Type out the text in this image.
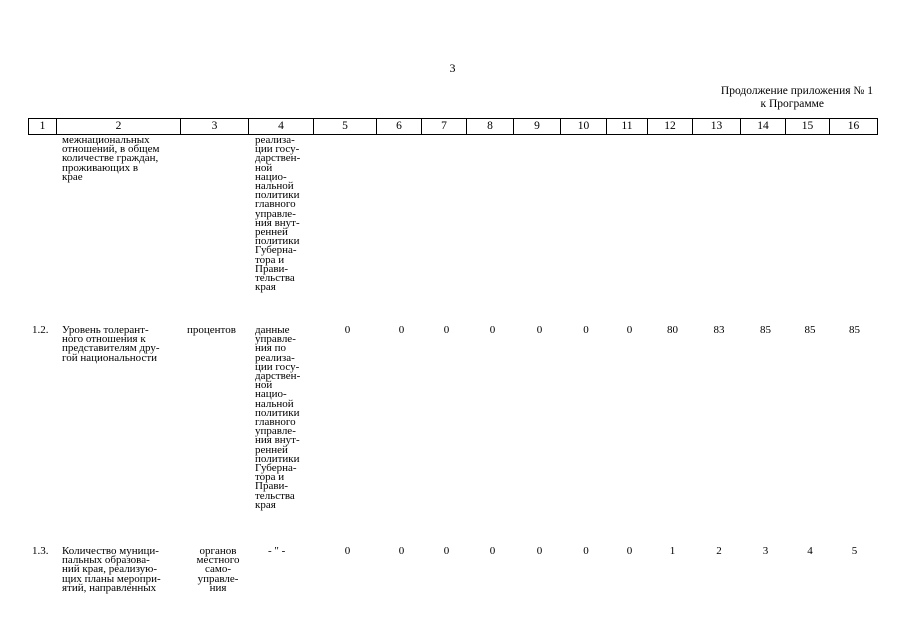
3
Продолжение приложения № 1
к Программе
1	2	3	4	5	6	7	8	9	10	11	12	13	14	15	16
межнациональных
отношений, в общем
количестве граждан,
проживающих в
крае
реализа-
ции госу-
дарствен-
ной
нацио-
нальной
политики
главного
управле-
ния внут-
ренней
политики
Губерна-
тора и
Прави-
тельства
края
1.2. Уровень толерант-
ного отношения к
представителям дру-
гой национальности
процентов данные
управле-
ния по
реализа-
ции госу-
дарствен-
ной
нацио-
нальной
политики
главного
управле-
ния внут-
ренней
политики
Губерна-
тора и
Прави-
тельства
края
0	0	0	0	0	0	0	80	83	85	85	85
1.3. Количество муници-
пальных образова-
ний края, реализую-
щих планы меропри-
ятий, направленных
органов
местного
само-
управле-
ния
- " -	0	0	0	0	0	0	0	1	2	3	4	5
